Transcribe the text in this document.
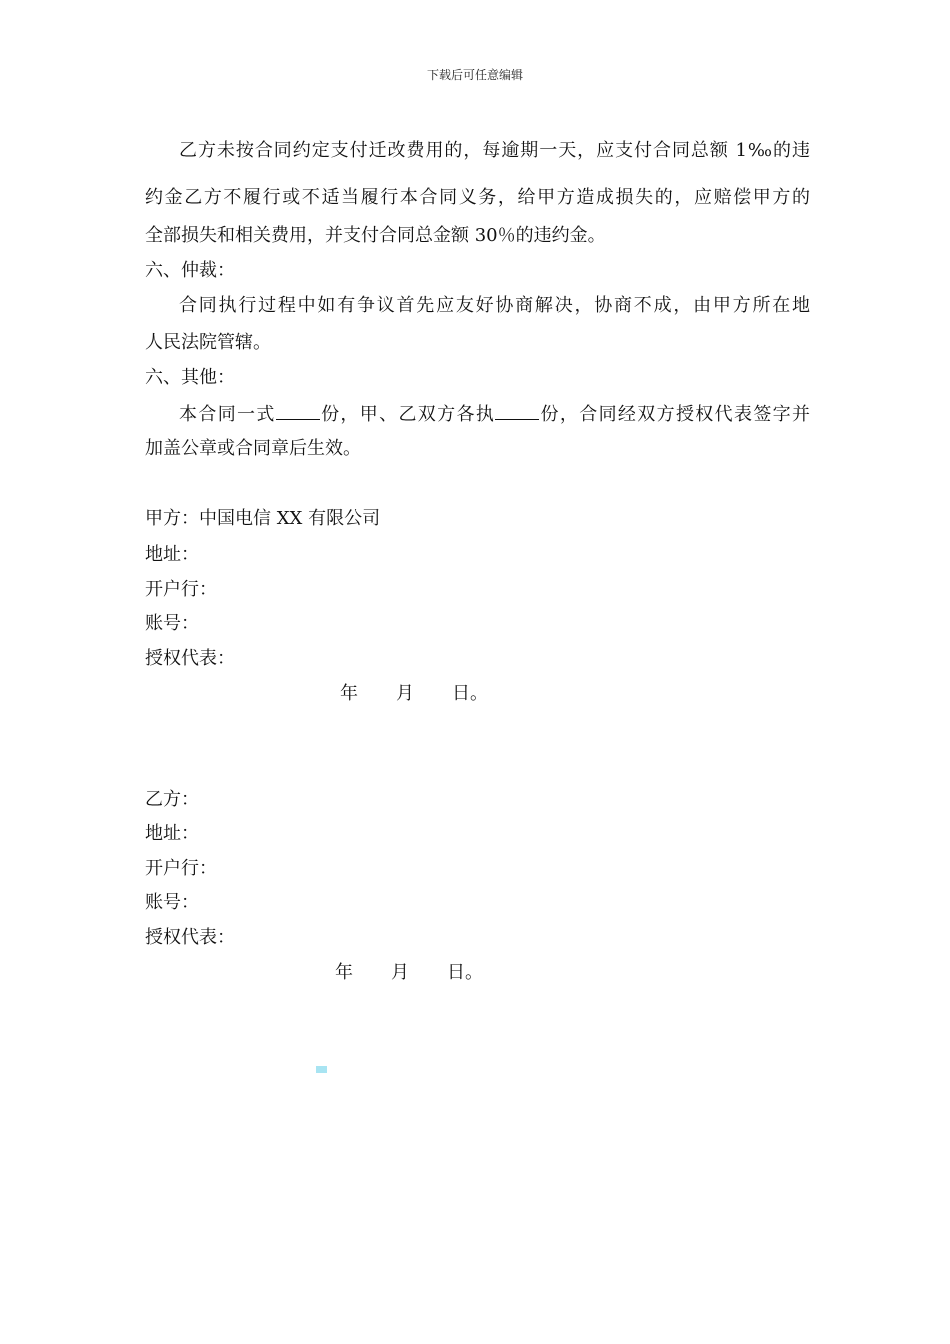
下载后可任意编辑
乙方未按合同约定支付迁改费用的，每逾期一天，应支付合同总额 1‰的违
约金乙方不履行或不适当履行本合同义务，给甲方造成损失的，应赔偿甲方的
全部损失和相关费用，并支付合同总金额 30％的违约金。
六、仲裁：
合同执行过程中如有争议首先应友好协商解决，协商不成，由甲方所在地
人民法院管辖。
六、其他：
本合同一式 份，甲、乙双方各执 份，合同经双方授权代表签字并
加盖公章或合同章后生效。
甲方：中国电信 XX 有限公司
地址：
开户行：
账号：
授权代表：
年 月 日。
乙方：
地址：
开户行：
账号：
授权代表：
年 月 日。
